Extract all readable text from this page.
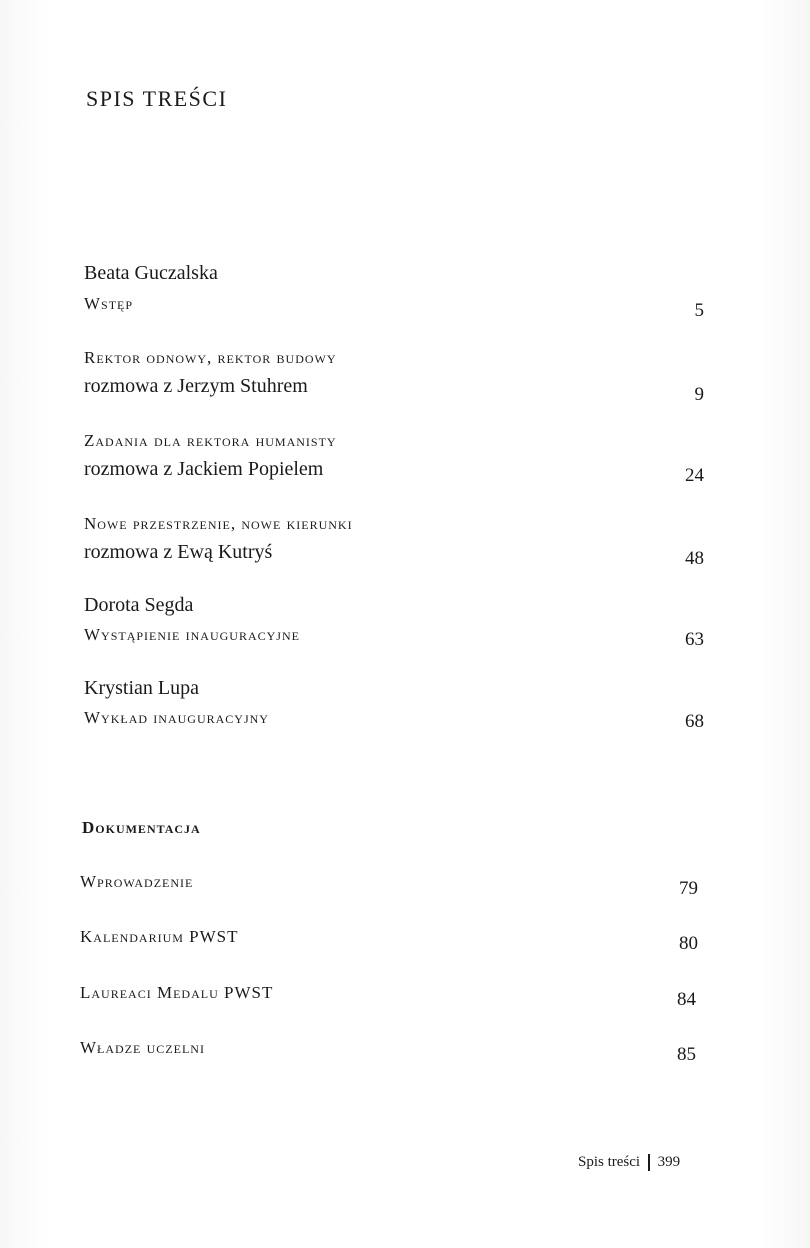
SPIS TREŚCI
Beata Guczalska
Wstęp	5
Rektor odnowy, rektor budowy
rozmowa z Jerzym Stuhrem	9
Zadania dla rektora humanisty
rozmowa z Jackiem Popielem	24
Nowe przestrzenie, nowe kierunki
rozmowa z Ewą Kutryś	48
Dorota Segda
Wystąpienie inauguracyjne	63
Krystian Lupa
Wykład inauguracyjny	68
Dokumentacja
Wprowadzenie	79
Kalendarium PWST	80
Laureaci Medalu PWST	84
Władze uczelni	85
Spis treści 399
